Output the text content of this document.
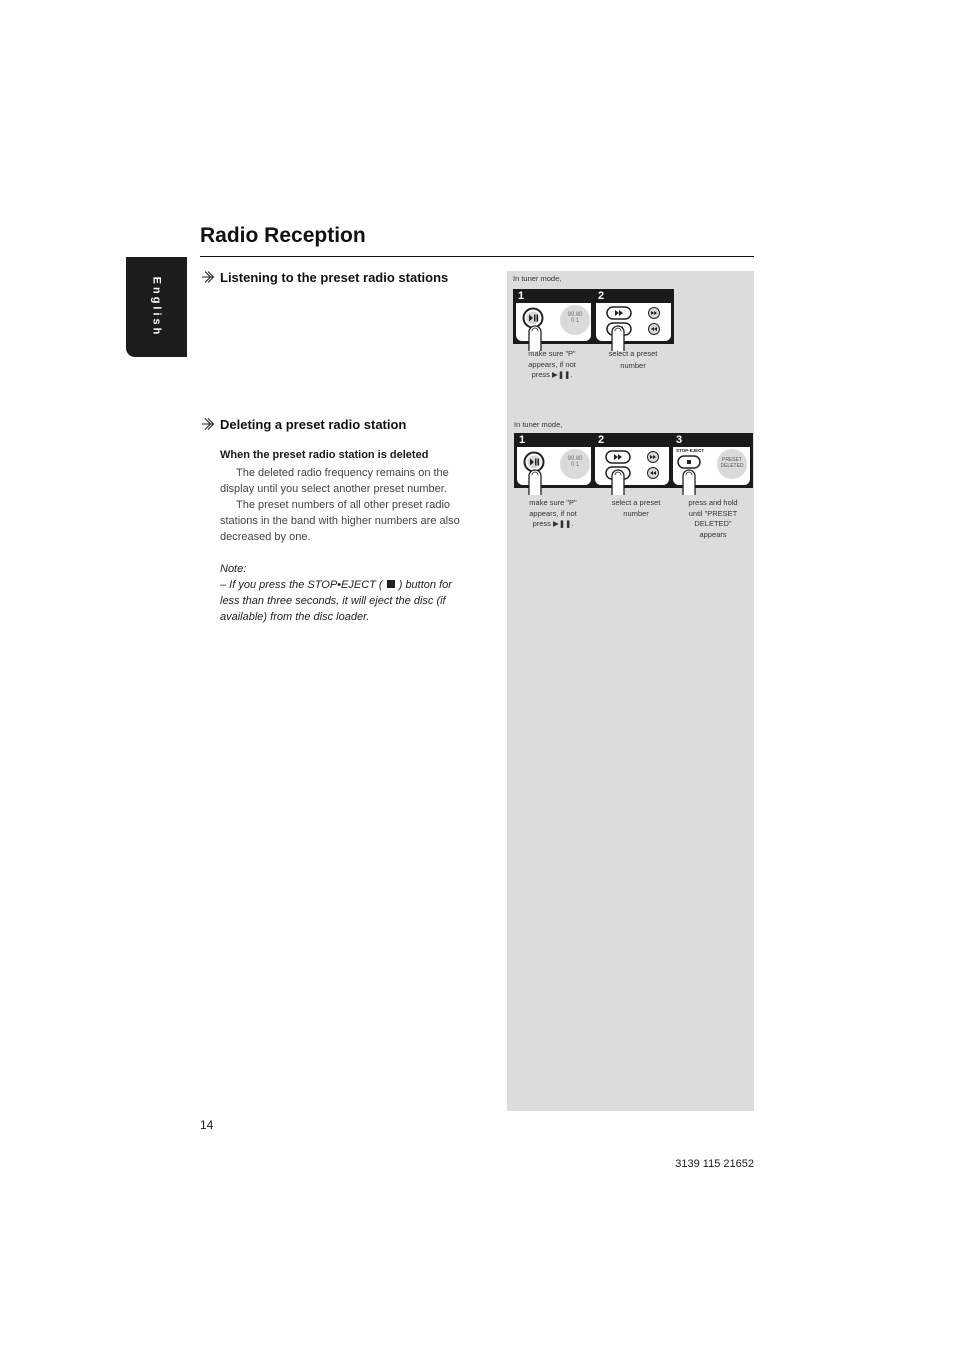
Radio Reception
English	Listening to the preset radio stations
Deleting a preset radio station

When the preset radio station is deleted

The deleted radio frequency remains on the display until you select another preset number.

The preset numbers of all other preset radio stations in the band with higher numbers are also decreased by one.

Note:

– If you press the STOP•EJECT ( ) button for less than three seconds, it will eject the disc (if available) from the disc loader.

In tuner mode,

1	2
99.80
0 1

make sure "P"

appears, if not

press ▶❚❚.

select a preset

number

In tuner mode,

1	2	3
99.80
0 1
STOP·EJECT
PRESET
DELETED

make sure "P"

appears, if not

press ▶❚❚.

select a preset

number

press and hold

until "PRESET

DELETED"

appears

14

3139 115 21652
